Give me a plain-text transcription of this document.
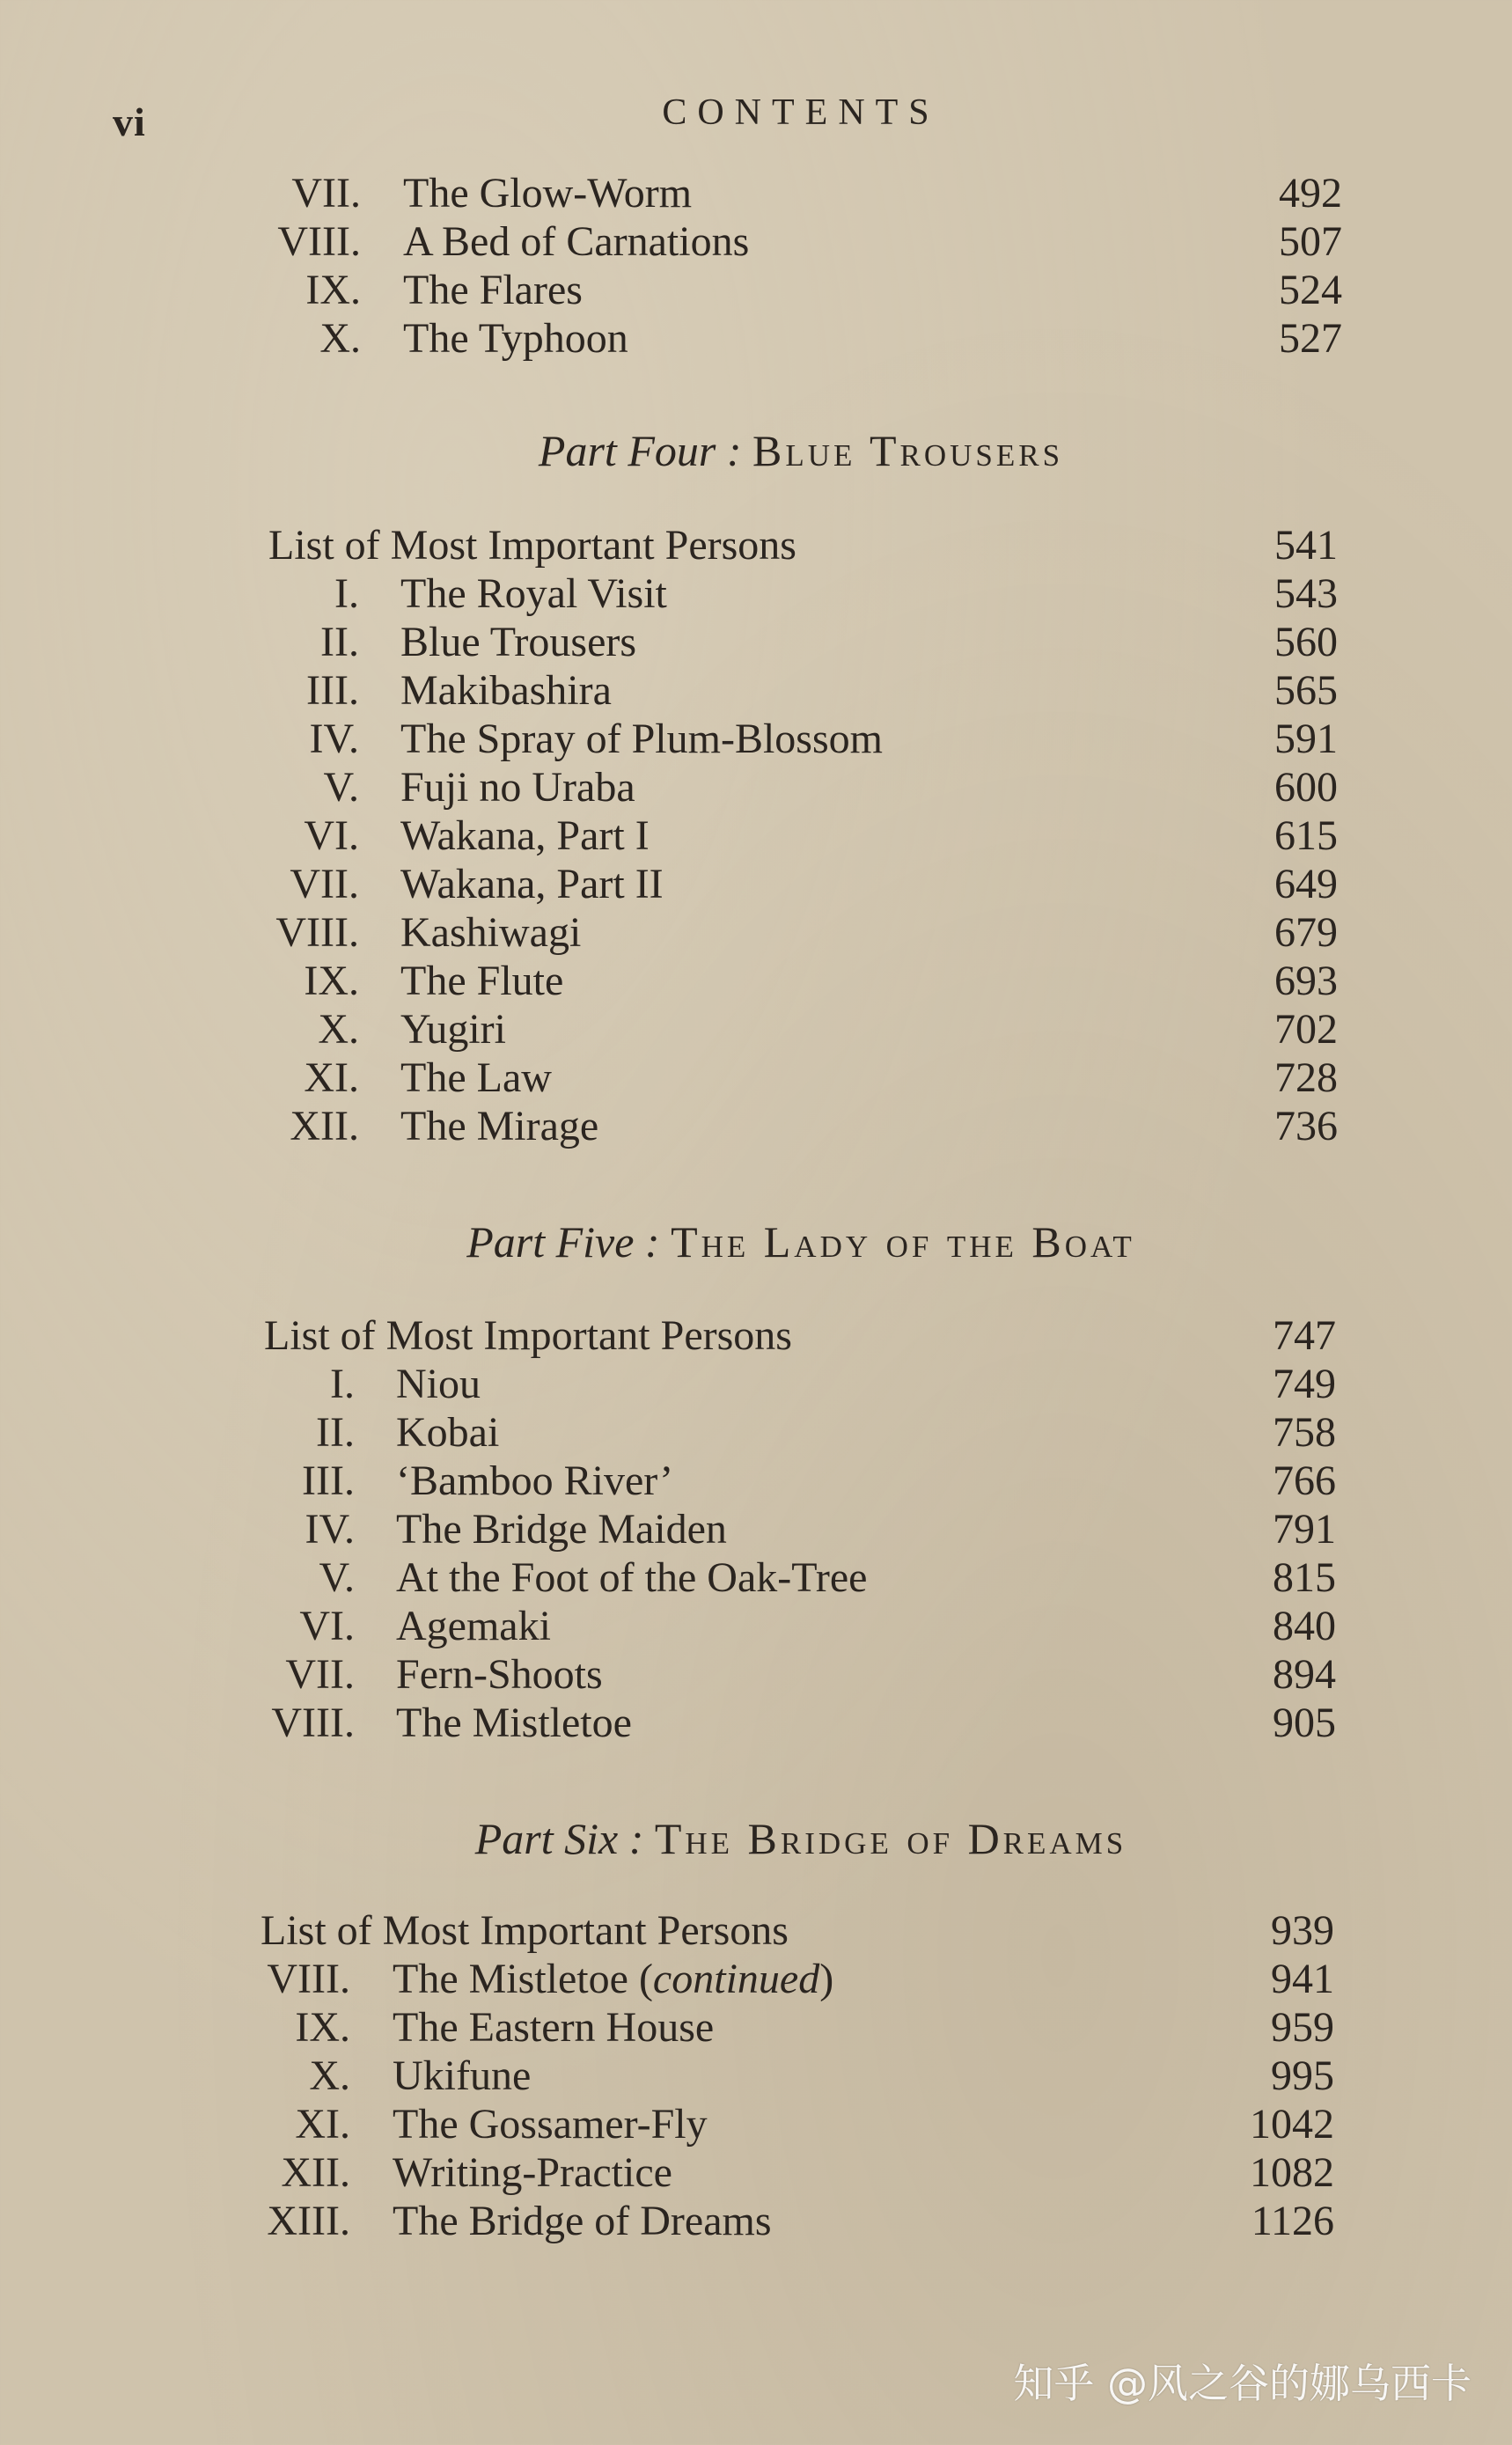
vi	CONTENTS
VII. The Glow-Worm	492
VIII. A Bed of Carnations	507
IX. The Flares	524
X. The Typhoon	527
Part Four : Blue Trousers
List of Most Important Persons	541
I. The Royal Visit	543
II. Blue Trousers	560
III. Makibashira	565
IV. The Spray of Plum-Blossom	591
V. Fuji no Uraba	600
VI. Wakana, Part I	615
VII. Wakana, Part II	649
VIII. Kashiwagi	679
IX. The Flute	693
X. Yugiri	702
XI. The Law	728
XII. The Mirage	736
Part Five : The Lady of the Boat
List of Most Important Persons	747
I. Niou	749
II. Kobai	758
III. ‘Bamboo River’	766
IV. The Bridge Maiden	791
V. At the Foot of the Oak-Tree	815
VI. Agemaki	840
VII. Fern-Shoots	894
VIII. The Mistletoe	905
Part Six : The Bridge of Dreams
List of Most Important Persons	939
VIII. The Mistletoe (continued)	941
IX. The Eastern House	959
X. Ukifune	995
XI. The Gossamer-Fly	1042
XII. Writing-Practice	1082
XIII. The Bridge of Dreams	1126
知乎 @风之谷的娜乌西卡
